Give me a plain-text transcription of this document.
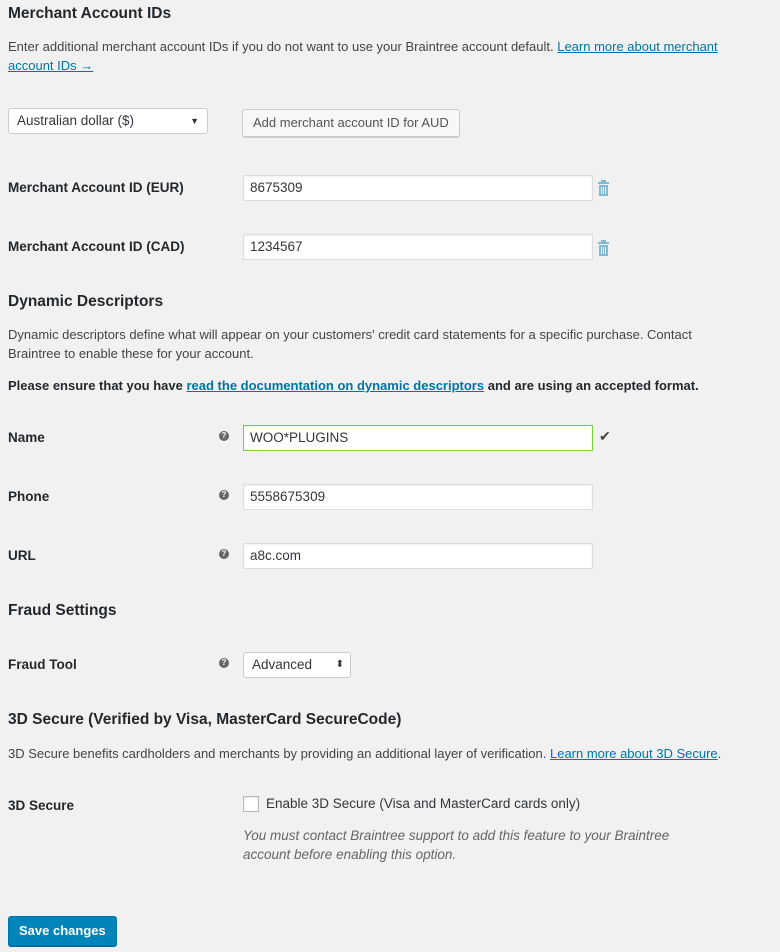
Merchant Account IDs

Enter additional merchant account IDs if you do not want to use your Braintree account default. Learn more about merchant
account IDs →

Australian dollar ($)	▼	Add merchant account ID for AUD
Merchant Account ID (EUR)	8675309
Merchant Account ID (CAD)	1234567
Dynamic Descriptors

Dynamic descriptors define what will appear on your customers' credit card statements for a specific purchase. Contact
Braintree to enable these for your account.

Please ensure that you have read the documentation on dynamic descriptors and are using an accepted format.

Name	?	WOO*PLUGINS	✔
Phone	?	5558675309
URL	?	a8c.com
Fraud Settings
Fraud Tool	?	Advanced ⬍
3D Secure (Verified by Visa, MasterCard SecureCode)

3D Secure benefits cardholders and merchants by providing an additional layer of verification. Learn more about 3D Secure.

3D Secure	Enable 3D Secure (Visa and MasterCard cards only)

You must contact Braintree support to add this feature to your Braintree
account before enabling this option.

Save changes
